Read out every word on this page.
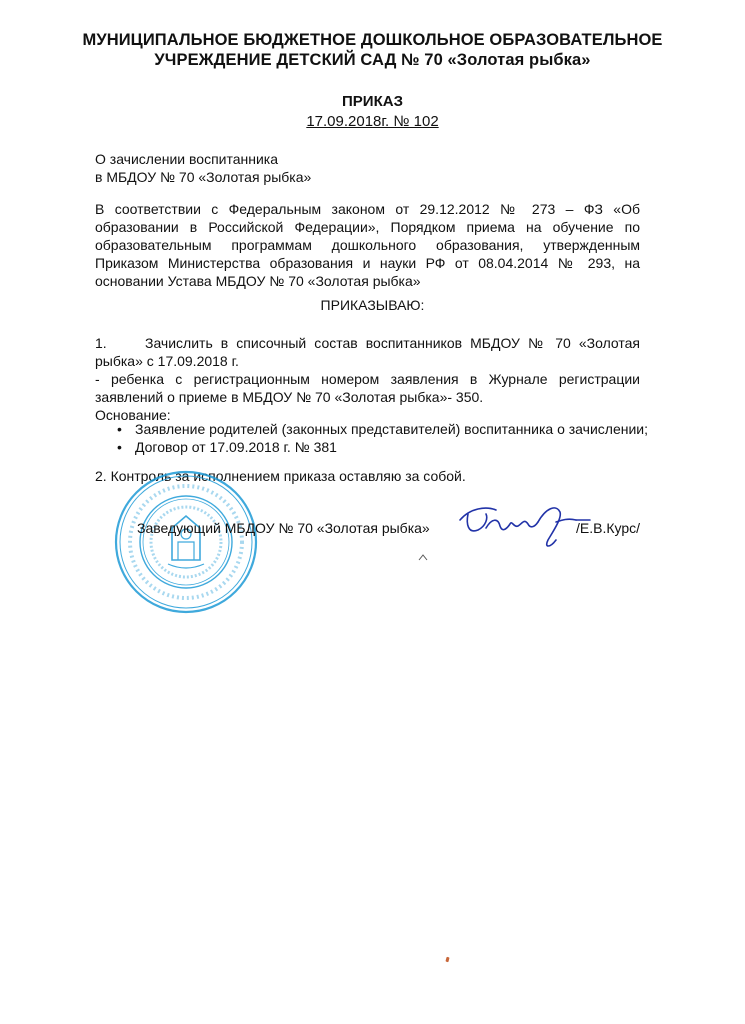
МУНИЦИПАЛЬНОЕ БЮДЖЕТНОЕ ДОШКОЛЬНОЕ ОБРАЗОВАТЕЛЬНОЕ
УЧРЕЖДЕНИЕ ДЕТСКИЙ САД № 70 «Золотая рыбка»
ПРИКАЗ
17.09.2018г. № 102
О зачислении воспитанника
в МБДОУ № 70 «Золотая рыбка»
В соответствии с Федеральным законом от 29.12.2012 № 273 – ФЗ «Об образовании в Российской Федерации», Порядком приема на обучение по образовательным программам дошкольного образования, утвержденным Приказом Министерства образования и науки РФ от 08.04.2014 № 293, на основании Устава МБДОУ № 70 «Золотая рыбка»
ПРИКАЗЫВАЮ:
1.	Зачислить в списочный состав воспитанников МБДОУ № 70 «Золотая рыбка» с 17.09.2018 г.
- ребенка с регистрационным номером заявления в Журнале регистрации заявлений о приеме в МБДОУ № 70 «Золотая рыбка»- 350.
Основание:
• Заявление родителей (законных представителей) воспитанника о зачислении;
• Договор от 17.09.2018 г. № 381
2. Контроль за исполнением приказа оставляю за собой.
Заведующий МБДОУ № 70 «Золотая рыбка»	/Е.В.Курс/
